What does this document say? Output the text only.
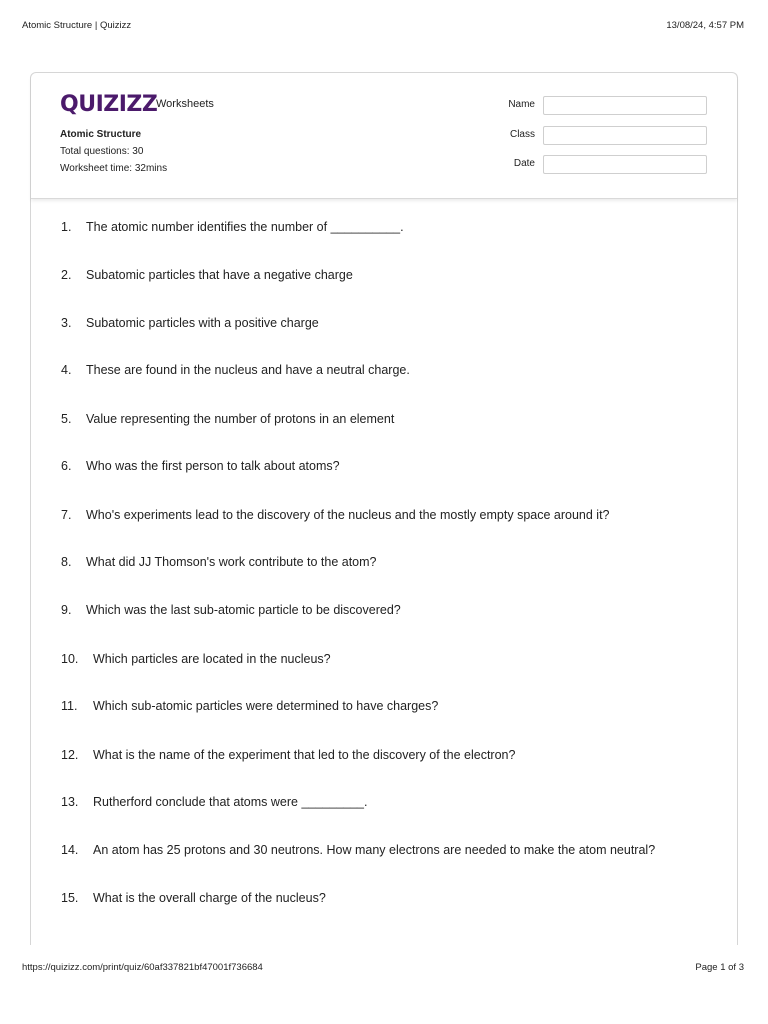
Atomic Structure | Quizizz	13/08/24, 4:57 PM
QUIZIZZ
Worksheets
Atomic Structure
Total questions: 30
Worksheet time: 32mins
Name
Class
Date
1. The atomic number identifies the number of __________.
2. Subatomic particles that have a negative charge
3. Subatomic particles with a positive charge
4. These are found in the nucleus and have a neutral charge.
5. Value representing the number of protons in an element
6. Who was the first person to talk about atoms?
7. Who's experiments lead to the discovery of the nucleus and the mostly empty space around it?
8. What did JJ Thomson's work contribute to the atom?
9. Which was the last sub-atomic particle to be discovered?
10. Which particles are located in the nucleus?
11. Which sub-atomic particles were determined to have charges?
12. What is the name of the experiment that led to the discovery of the electron?
13. Rutherford conclude that atoms were _________.
14. An atom has 25 protons and 30 neutrons. How many electrons are needed to make the atom neutral?
15. What is the overall charge of the nucleus?
https://quizizz.com/print/quiz/60af337821bf47001f736684	Page 1 of 3
